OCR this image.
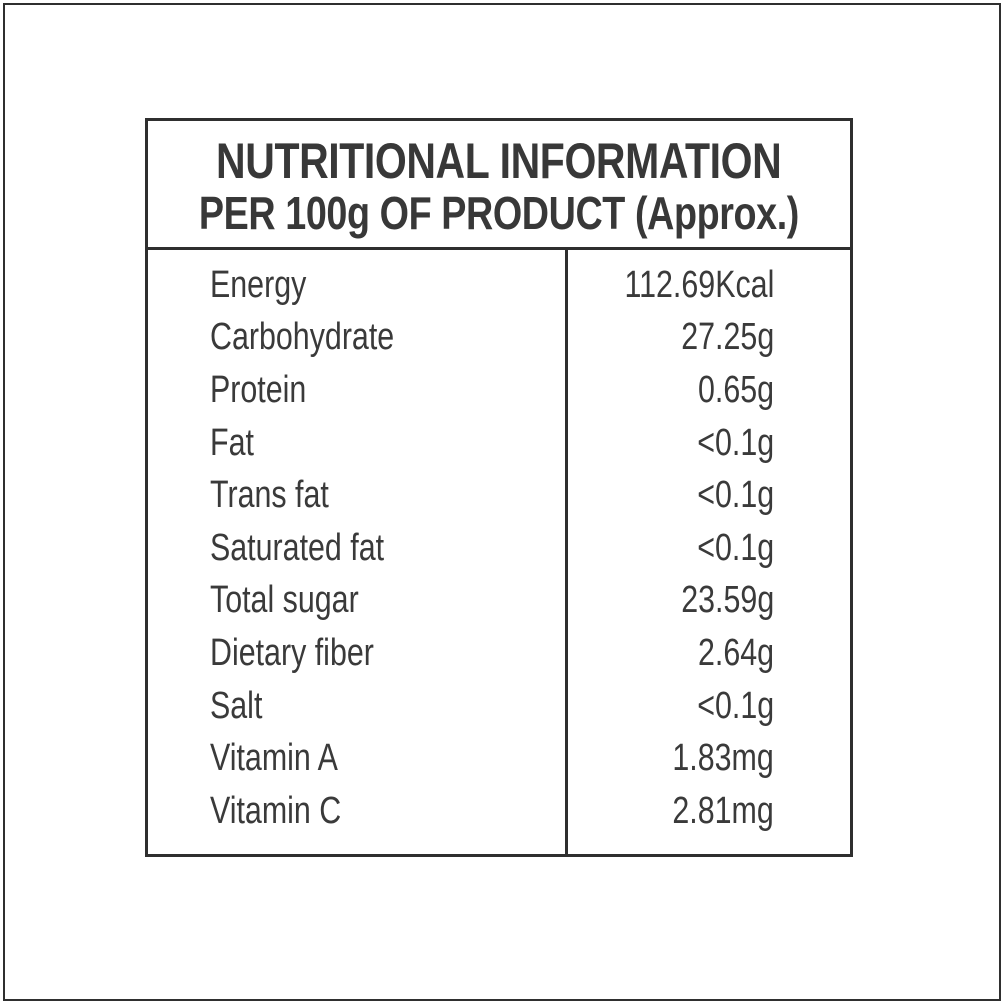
NUTRITIONAL INFORMATION
PER 100g OF PRODUCT (Approx.)
Energy	112.69Kcal
Carbohydrate	27.25g
Protein	0.65g
Fat	<0.1g
Trans fat	<0.1g
Saturated fat	<0.1g
Total sugar	23.59g
Dietary fiber	2.64g
Salt	<0.1g
Vitamin A	1.83mg
Vitamin C	2.81mg
